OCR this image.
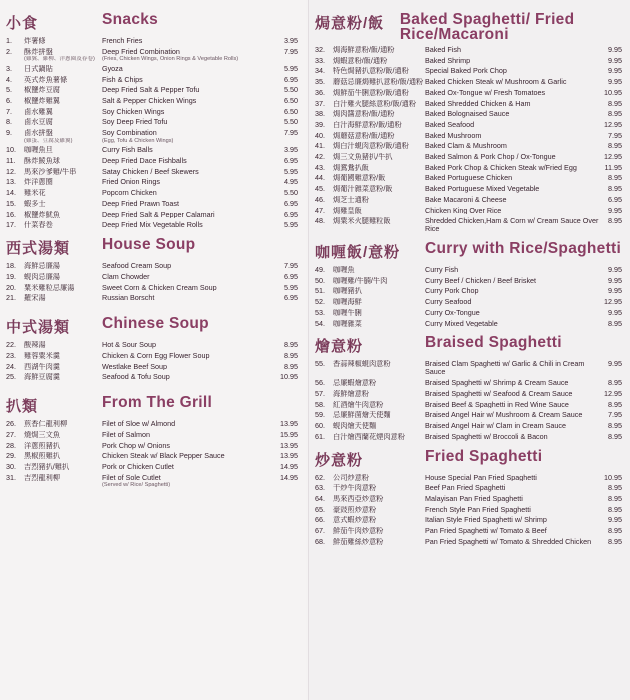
小食	Snacks
1.	炸薯條	French Fries	3.95
2.	酥炸拼盤	Deep Fried Combination	7.95
(雞翼、雞柳、洋蔥圈及春卷)	(Fries, Chicken Wings, Onion Rings & Vegetable Rolls)
3.	日式鍋貼	Gyoza	5.95
4.	英式炸魚薯條	Fish & Chips	6.95
5.	椒鹽炸豆腐	Deep Fried Salt & Pepper Tofu	5.50
6.	椒鹽炸雞翼	Salt & Pepper Chicken Wings	6.50
7.	鹵水雞翼	Soy Chicken Wings	6.50
8.	鹵水豆腐	Soy Deep Fried Tofu	5.50
9.	鹵水拼盤	Soy Combination	7.95
(雞蛋、豆腐及雞翼)	(Egg, Tofu & Chicken Wings)
10.	咖喱魚旦	Curry Fish Balls	3.95
11.	酥炸鯪魚球	Deep Fried Dace Fishballs	6.95
12.	馬來沙爹雞/牛串	Satay Chicken / Beef Skewers	5.95
13.	炸洋蔥圈	Fried Onion Rings	4.95
14.	雞米花	Popcorn Chicken	5.50
15.	蝦多士	Deep Fried Prawn Toast	6.95
16.	椒鹽炸魷魚	Deep Fried Salt & Pepper Calamari	6.95
17.	什菜春卷	Deep Fried Mix Vegetable Rolls	5.95
西式湯類	House Soup
18.	海鮮忌廉湯	Seafood Cream Soup	7.95
19.	蜆肉忌廉湯	Clam Chowder	6.95
20.	粟米雞粒忌廉湯	Sweet Corn & Chicken Cream Soup	5.95
21.	羅宋湯	Russian Borscht	6.95
中式湯類	Chinese Soup
22.	酸辣湯	Hot & Sour Soup	8.95
23.	雞蓉粟米羹	Chicken & Corn Egg Flower Soup	8.95
24.	西湖牛肉羹	Westlake Beef Soup	8.95
25.	海鮮豆腐羹	Seafood & Tofu Soup	10.95
扒類	From The Grill
26.	煎香仁龍利柳	Filet of Sloe w/ Almond	13.95
27.	燒焗三文魚	Filet of Salmon	15.95
28.	洋蔥煎豬扒	Pork Chop w/ Onions	13.95
29.	黑椒煎雞扒	Chicken Steak w/ Black Pepper Sauce	13.95
30.	吉烈豬扒/雞扒	Pork or Chicken Cutlet	14.95
31.	吉烈龍利柳	Filet of Sole Cutlet	14.95
(Served w/ Rice/ Spaghetti)
焗意粉/飯	Baked Spaghetti/ Fried Rice/Macaroni
32.	焗海鮮意粉/飯/通粉	Baked Fish	9.95
33.	焗蝦意粉/飯/通粉	Baked Shrimp	9.95
34.	特色焗豬扒意粉/飯/通粉	Special Baked Pork Chop	9.95
35.	蘑菇忌廉焗雞扒意粉/飯/通粉 Baked Chicken Steak w/ Mushroom & Garlic	9.95
36.	焗鮮茄牛脷意粉/飯/通粉	Baked Ox-Tongue w/ Fresh Tomatoes	10.95
37.	白汁雞火腿絲意粉/飯/通粉	Baked Shredded Chicken & Ham	8.95
38.	焗肉醬意粉/飯/通粉	Baked Bolognaised Sauce	8.95
39.	白汁海鮮意粉/飯/通粉	Baked Seafood	12.95
40.	焗蘑菇意粉/飯/通粉	Baked Mushroom	7.95
41.	焗白汁蜆肉意粉/飯/通粉	Baked Clam & Mushroom	8.95
42.	焗三文魚豬扒/牛扒	Baked Salmon & Pork Chop / Ox-Tongue	12.95
43.	焗鴛鴦扒飯	Baked Pork Chop & Chicken Steak w/Fried Egg	11.95
44.	焗葡國雞意粉/飯	Baked Portuguese Chicken	8.95
45.	焗葡汁雜菜意粉/飯	Baked Portuguese Mixed Vegetable	8.95
46.	焗芝士通粉	Bake Macaroni & Cheese	6.95
47.	焗雞皇飯	Chicken King Over Rice	9.95
48.	焗粟米火腿雞粒飯	Shredded Chicken,Ham & Corn w/ Cream Sauce Over Rice
8.95
咖喱飯/意粉	Curry with Rice/Spaghetti
49.	咖喱魚	Curry Fish	9.95
50.	咖喱雞/牛腩/牛肉	Curry Beef / Chicken / Beef Brisket	9.95
51.	咖喱豬扒	Curry Pork Chop	9.95
52.	咖喱海鮮	Curry Seafood	12.95
53.	咖喱牛脷	Curry Ox-Tongue	9.95
54.	咖喱雜菜	Curry Mixed Vegetable	8.95
燴意粉	Braised Spaghetti
55.	香蒜辣椒蜆肉意粉	Braised Clam Spaghetti w/ Garlic & Chili in Cream Sauce
9.95
56.	忌廉蝦燴意粉	Braised Spaghetti w/ Shrimp & Cream Sauce	8.95
57.	海鮮燴意粉	Braised Spaghetti w/ Seafood & Cream Sauce	12.95
58.	紅酒燴牛肉意粉	Braised Beef & Spaghetti in Red Wine Sauce	8.95
59.	忌廉鮮菌燴天使麵	Braised Angel Hair w/ Mushroom & Cream Sauce	7.95
60.	蜆肉燴天使麵	Braised Angel Hair w/ Clam in Cream Sauce	8.95
61.	白汁燴西蘭花煙肉意粉	Braised Spaghetti w/ Broccoli & Bacon	8.95
炒意粉	Fried Spaghetti
62.	公司炒意粉	House Special Pan Fried Spaghetti	10.95
63.	干炒牛肉意粉	Beef Pan Fried Spaghetti	8.95
64.	馬來西亞炒意粉	Malayisan Pan Fried Spaghetti	8.95
65.	豪豉煎炒意粉	French Style Pan Fried Spaghetti	8.95
66.	意式蝦炒意粉	Italian Style Fried Spaghetti w/ Shrimp	9.95
67.	鮮茄牛肉炒意粉	Pan Fried Spaghetti w/ Tomato & Beef	8.95
68.	鮮茄雞絲炒意粉	Pan Fried Spaghetti w/ Tomato & Shredded Chicken	8.95
